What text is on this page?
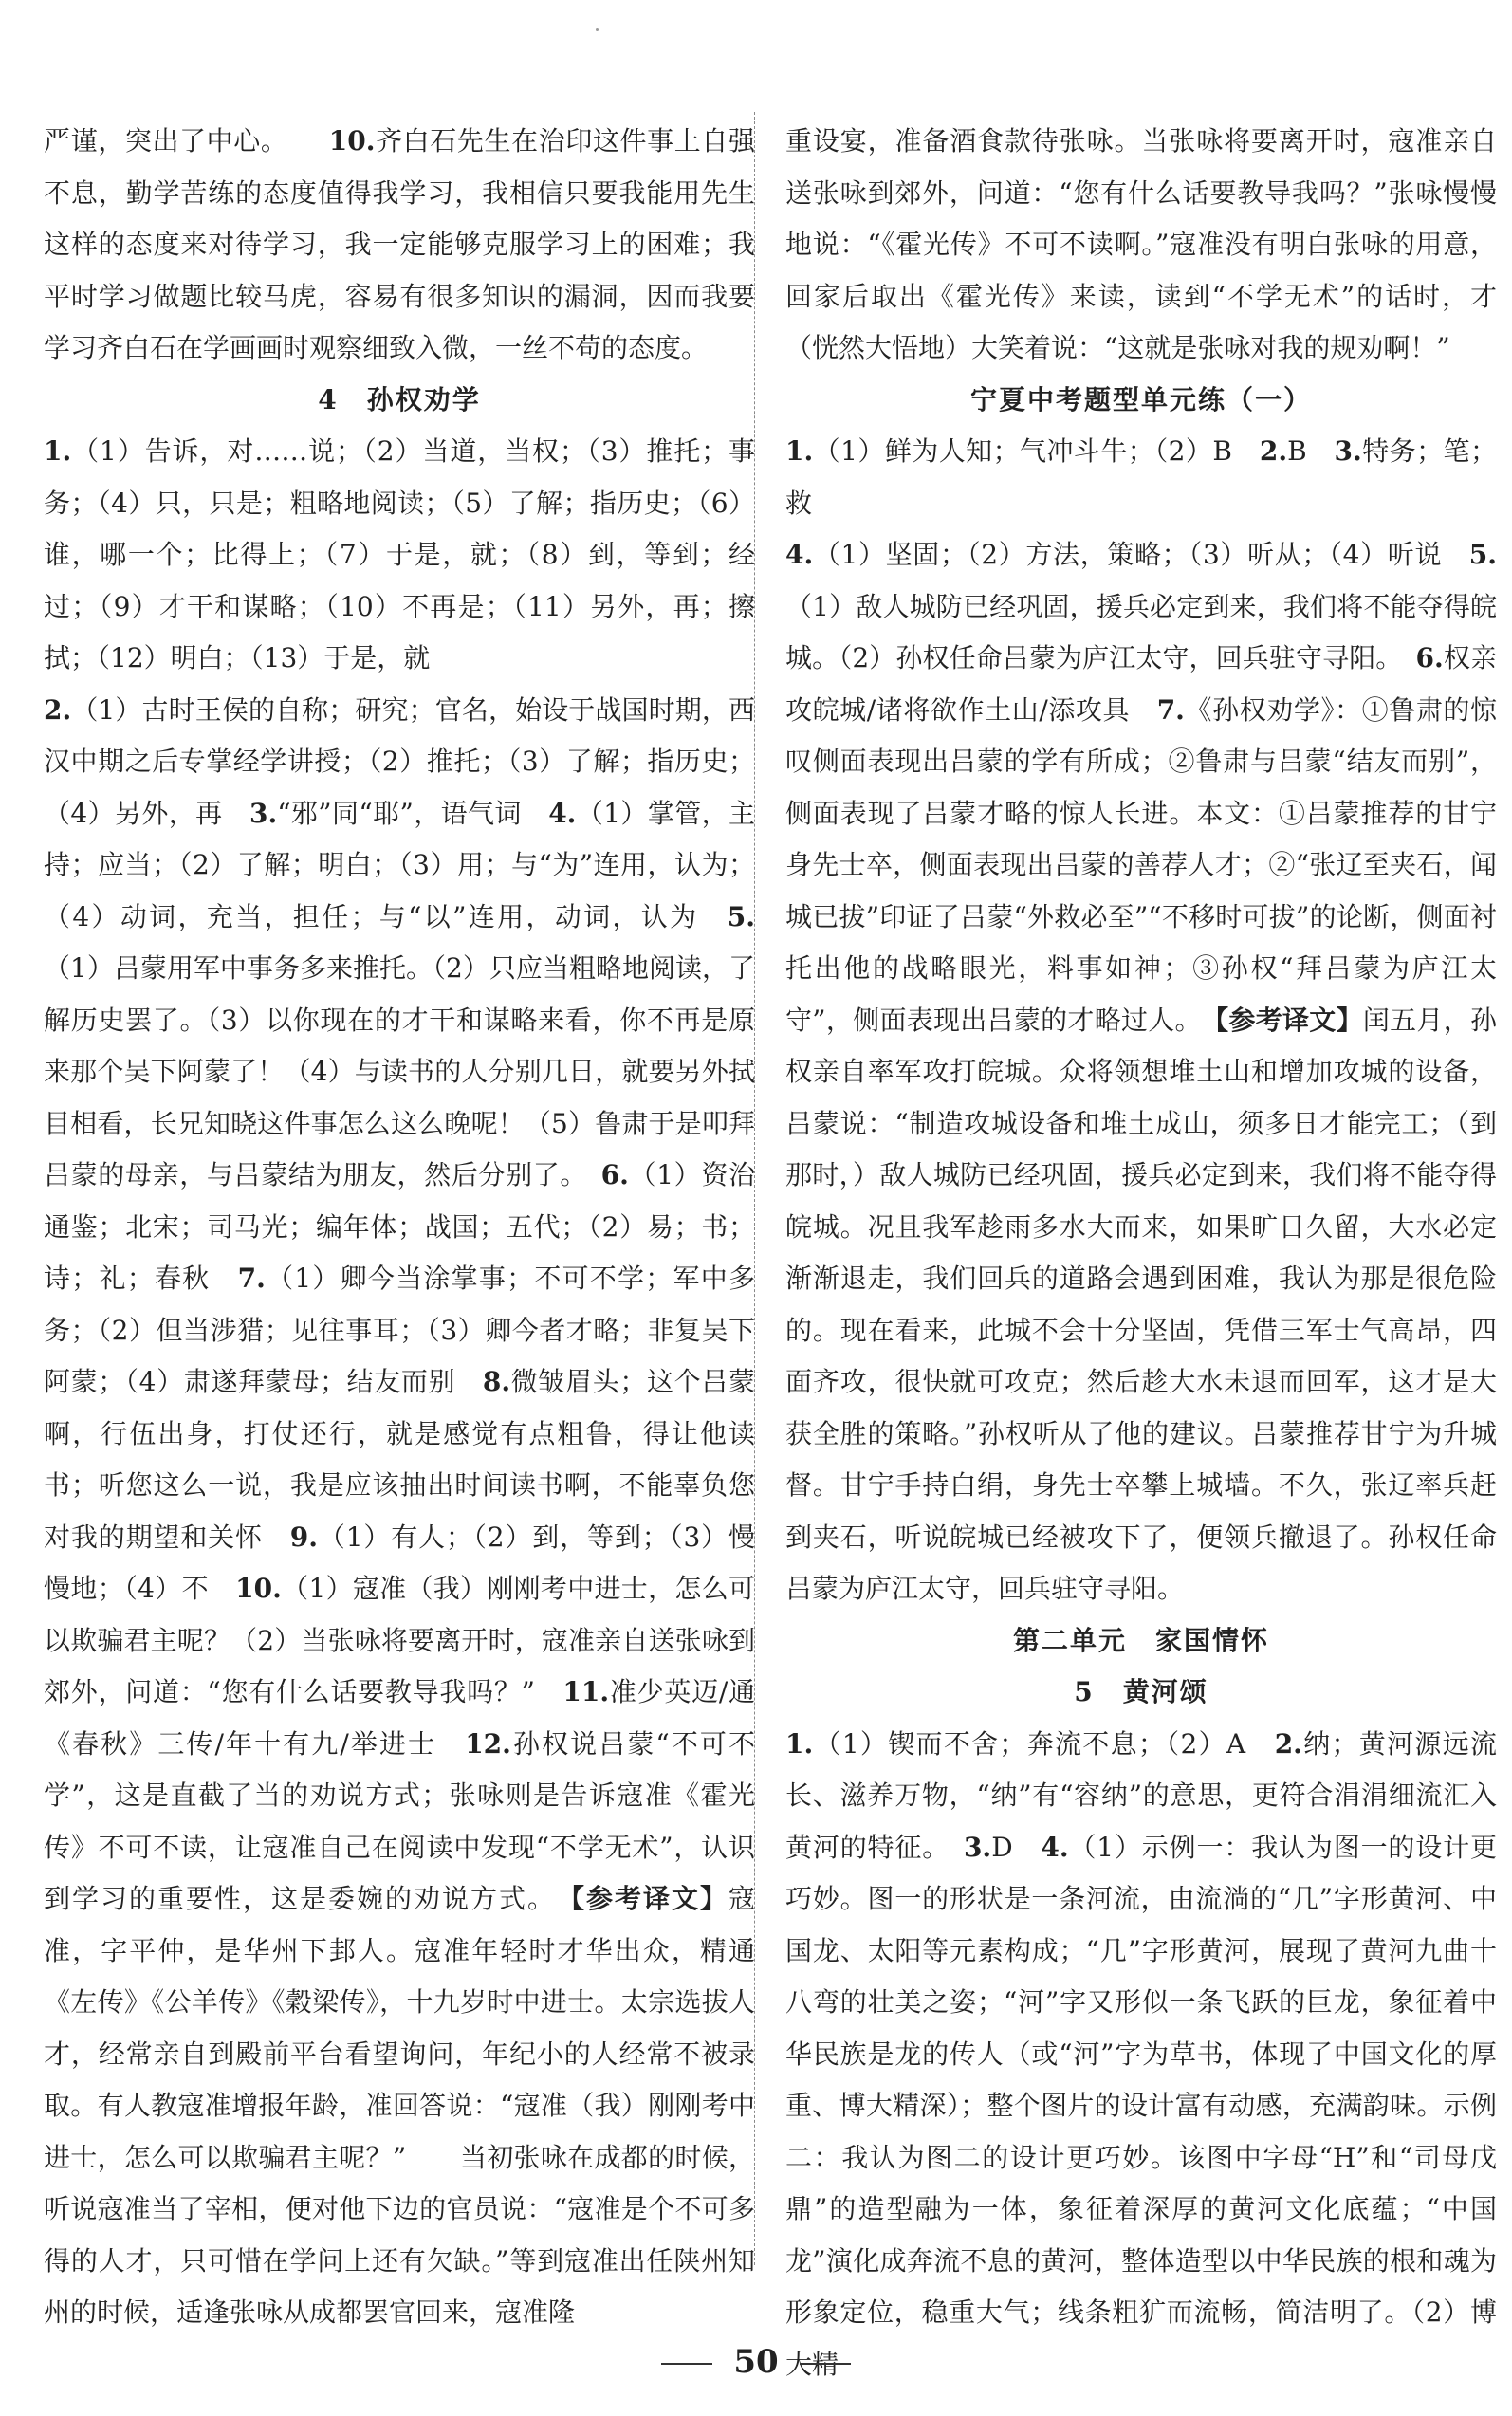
严谨，突出了中心。　　 10.齐白石先生在治印这件事上自强不息，勤学苦练的态度值得我学习，我相信只要我能用先生这样的态度来对待学习，我一定能够克服学习上的困难；我平时学习做题比较马虎，容易有很多知识的漏洞，因而我要学习齐白石在学画画时观察细致入微，一丝不苟的态度。

4 孙权劝学

1.（1）告诉，对……说；（2）当道，当权；（3）推托；事务；（4）只，只是；粗略地阅读；（5）了解；指历史；（6）谁，哪一个；比得上；（7）于是，就；（8）到，等到；经过；（9）才干和谋略；（10）不再是；（11）另外，再；擦拭；（12）明白；（13）于是，就

2.（1）古时王侯的自称；研究；官名，始设于战国时期，西汉中期之后专掌经学讲授；（2）推托；（3）了解；指历史；（4）另外，再　3.“邪”同“耶”，语气词　4.（1）掌管，主持；应当；（2）了解；明白；（3）用；与“为”连用，认为；（4）动词，充当，担任；与“以”连用，动词，认为　5.（1）吕蒙用军中事务多来推托。（2）只应当粗略地阅读，了解历史罢了。（3）以你现在的才干和谋略来看，你不再是原来那个吴下阿蒙了！（4）与读书的人分别几日，就要另外拭目相看，长兄知晓这件事怎么这么晚呢！（5）鲁肃于是叩拜吕蒙的母亲，与吕蒙结为朋友，然后分别了。　6.（1）资治通鉴；北宋；司马光；编年体；战国；五代；（2）易；书；诗；礼；春秋　7.（1）卿今当涂掌事；不可不学；军中多务；（2）但当涉猎；见往事耳；（3）卿今者才略；非复吴下阿蒙；（4）肃遂拜蒙母；结友而别　8.微皱眉头；这个吕蒙啊，行伍出身，打仗还行，就是感觉有点粗鲁，得让他读书；听您这么一说，我是应该抽出时间读书啊，不能辜负您对我的期望和关怀　9.（1）有人；（2）到，等到；（3）慢慢地；（4）不　10.（1）寇准（我）刚刚考中进士，怎么可以欺骗君主呢？（2）当张咏将要离开时，寇准亲自送张咏到郊外，问道：“您有什么话要教导我吗？”　11.准少英迈/通《春秋》三传/年十有九/举进士　12.孙权说吕蒙“不可不学”，这是直截了当的劝说方式；张咏则是告诉寇准《霍光传》不可不读，让寇准自己在阅读中发现“不学无术”，认识到学习的重要性，这是委婉的劝说方式。　【参考译文】寇准，字平仲，是华州下邽人。寇准年轻时才华出众，精通《左传》《公羊传》《穀梁传》，十九岁时中进士。太宗选拔人才，经常亲自到殿前平台看望询问，年纪小的人经常不被录取。有人教寇准增报年龄，准回答说：“寇准（我）刚刚考中进士，怎么可以欺骗君主呢？”　　当初张咏在成都的时候，听说寇准当了宰相，便对他下边的官员说：“寇准是个不可多得的人才，只可惜在学问上还有欠缺。”等到寇准出任陕州知州的时候，适逢张咏从成都罢官回来，寇准隆

重设宴，准备酒食款待张咏。当张咏将要离开时，寇准亲自送张咏到郊外，问道：“您有什么话要教导我吗？”张咏慢慢地说：“《霍光传》不可不读啊。”寇准没有明白张咏的用意，回家后取出《霍光传》来读，读到“不学无术”的话时，才（恍然大悟地）大笑着说：“这就是张咏对我的规劝啊！”

宁夏中考题型单元练（一）

1.（1）鲜为人知；气冲斗牛；（2）B　2.B　3.特务；笔；救

4.（1）坚固；（2）方法，策略；（3）听从；（4）听说　5.（1）敌人城防已经巩固，援兵必定到来，我们将不能夺得皖城。（2）孙权任命吕蒙为庐江太守，回兵驻守寻阳。　6.权亲攻皖城/诸将欲作土山/添攻具　7.《孙权劝学》：①鲁肃的惊叹侧面表现出吕蒙的学有所成；②鲁肃与吕蒙“结友而别”，侧面表现了吕蒙才略的惊人长进。本文：①吕蒙推荐的甘宁身先士卒，侧面表现出吕蒙的善荐人才；②“张辽至夹石，闻城已拔”印证了吕蒙“外救必至”“不移时可拔”的论断，侧面衬托出他的战略眼光，料事如神；③孙权“拜吕蒙为庐江太守”，侧面表现出吕蒙的才略过人。　【参考译文】闰五月，孙权亲自率军攻打皖城。众将领想堆土山和增加攻城的设备，吕蒙说：“制造攻城设备和堆土成山，须多日才能完工；（到那时，）敌人城防已经巩固，援兵必定到来，我们将不能夺得皖城。况且我军趁雨多水大而来，如果旷日久留，大水必定渐渐退走，我们回兵的道路会遇到困难，我认为那是很危险的。现在看来，此城不会十分坚固，凭借三军士气高昂，四面齐攻，很快就可攻克；然后趁大水未退而回军，这才是大获全胜的策略。”孙权听从了他的建议。吕蒙推荐甘宁为升城督。甘宁手持白绢，身先士卒攀上城墙。不久，张辽率兵赶到夹石，听说皖城已经被攻下了，便领兵撤退了。孙权任命吕蒙为庐江太守，回兵驻守寻阳。

第二单元　家国情怀

5 黄河颂

1.（1）锲而不舍；奔流不息；（2）A　2.纳；黄河源远流长、滋养万物，“纳”有“容纳”的意思，更符合涓涓细流汇入黄河的特征。　3.D　4.（1）示例一：我认为图一的设计更巧妙。图一的形状是一条河流，由流淌的“几”字形黄河、中国龙、太阳等元素构成；“几”字形黄河，展现了黄河九曲十八弯的壮美之姿；“河”字又形似一条飞跃的巨龙，象征着中华民族是龙的传人（或“河”字为草书，体现了中国文化的厚重、博大精深）；整个图片的设计富有动感，充满韵味。示例二：我认为图二的设计更巧妙。该图中字母“H”和“司母戊鼎”的造型融为一体，象征着深厚的黄河文化底蕴；“中国龙”演化成奔流不息的黄河，整体造型以中华民族的根和魂为形象定位，稳重大气；线条粗犷而流畅，简洁明了。（2）博大精

50
